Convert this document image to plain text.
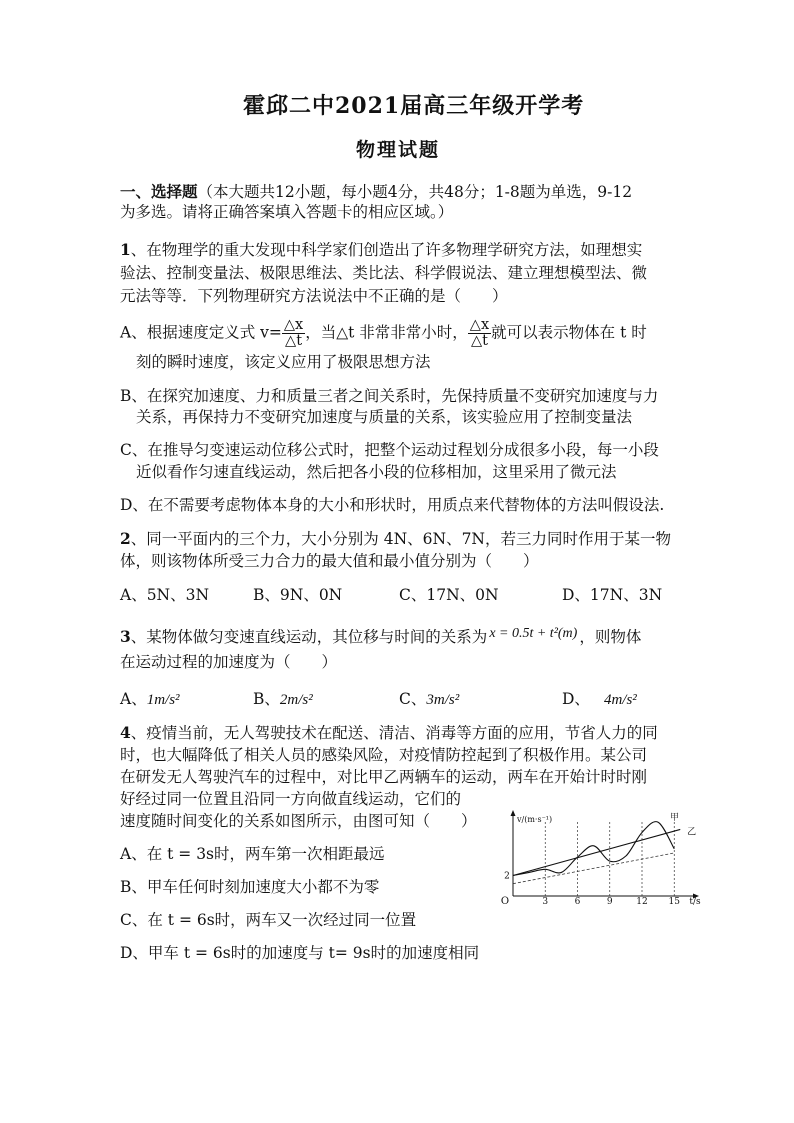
霍邱二中2021届高三年级开学考
物理试题
一、选择题（本大题共12小题，每小题4分，共48分；1-8题为单选，9-12
为多选。请将正确答案填入答题卡的相应区域。）
1、在物理学的重大发现中科学家们创造出了许多物理学研究方法，如理想实
验法、控制变量法、极限思维法、类比法、科学假说法、建立理想模型法、微
元法等等．下列物理研究方法说法中不正确的是（　　）
A、根据速度定义式 $v= \frac{\triangle x}{\triangle t}$ ，当△t 非常非常小时， $\frac{\triangle x}{\triangle t}$ 就可以表示物体在 t 时
刻的瞬时速度，该定义应用了极限思想方法
B、在探究加速度、力和质量三者之间关系时，先保持质量不变研究加速度与力
关系，再保持力不变研究加速度与质量的关系，该实验应用了控制变量法
C、在推导匀变速运动位移公式时，把整个运动过程划分成很多小段，每一小段
近似看作匀速直线运动，然后把各小段的位移相加，这里采用了微元法
D、在不需要考虑物体本身的大小和形状时，用质点来代替物体的方法叫假设法.
2、同一平面内的三个力，大小分别为 4N、6N、7N，若三力同时作用于某一物
体，则该物体所受三力合力的最大值和最小值分别为（　　）
A、5N、3N	B、9N、0N	C、17N、0N	D、17N、3N
3、某物体做匀变速直线运动，其位移与时间的关系为 x = 0.5t + t²(m) ，则物体
在运动过程的加速度为（　　）
A、1m/s²	B、2m/s²	C、3m/s²	D、 4m/s²
4、疫情当前，无人驾驶技术在配送、清洁、消毒等方面的应用，节省人力的同
时，也大幅降低了相关人员的感染风险，对疫情防控起到了积极作用。某公司
在研发无人驾驶汽车的过程中，对比甲乙两辆车的运动，两车在开始计时时刚
好经过同一位置且沿同一方向做直线运动，它们的
速度随时间变化的关系如图所示，由图可知（　　）
A、在 t = 3s时，两车第一次相距最远
B、甲车任何时刻加速度大小都不为零
C、在 t = 6s时，两车又一次经过同一位置
D、甲车 t = 6s时的加速度与 t= 9s时的加速度相同
O
v/(m·s⁻¹)
t/s
3	6	9	12 15
2
甲
乙
